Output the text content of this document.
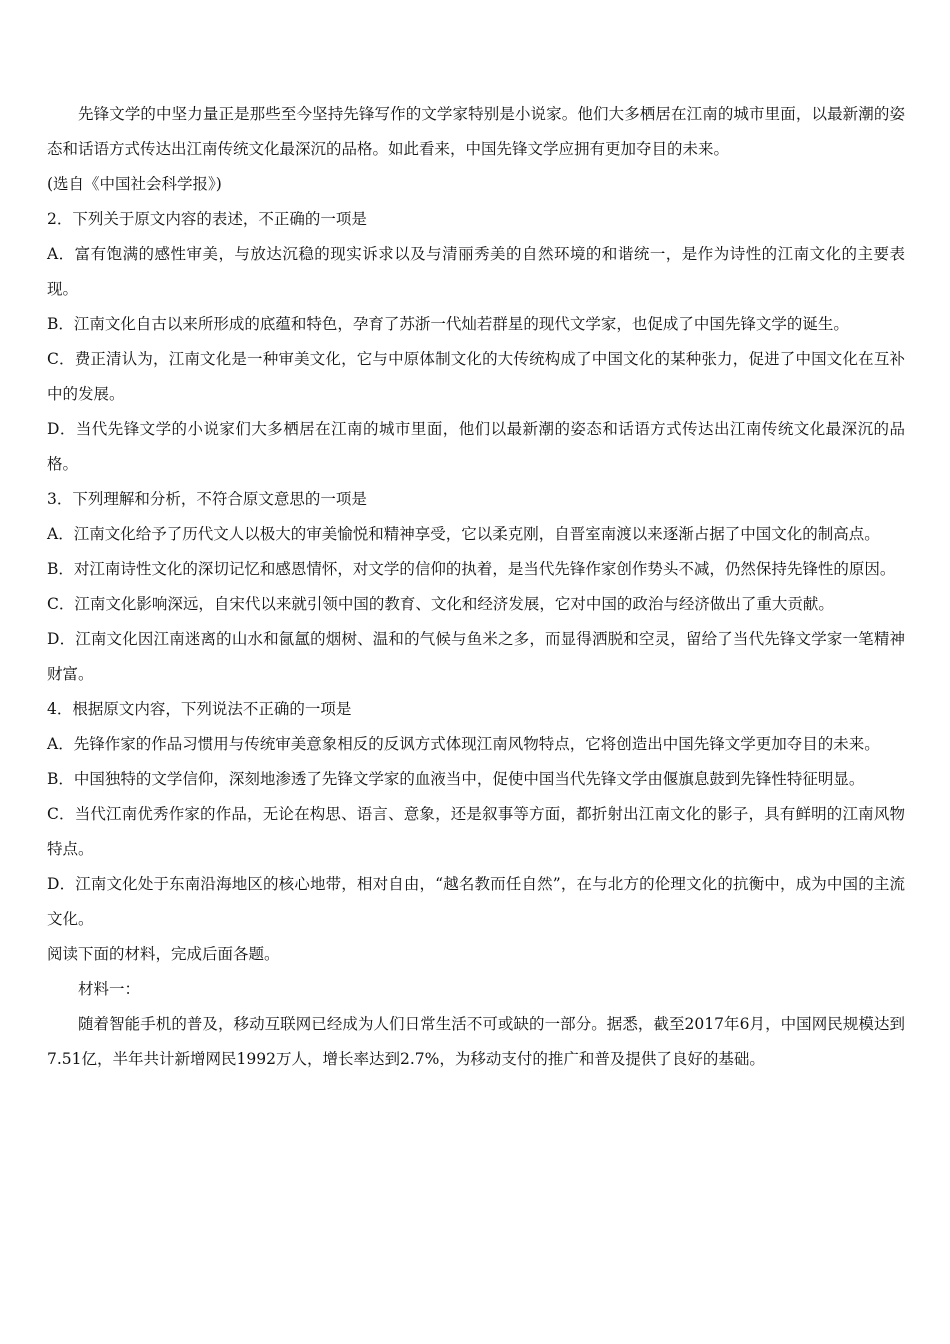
先锋文学的中坚力量正是那些至今坚持先锋写作的文学家特别是小说家。他们大多栖居在江南的城市里面，以最新潮的姿态和话语方式传达出江南传统文化最深沉的品格。如此看来，中国先锋文学应拥有更加夺目的未来。

(选自《中国社会科学报》)

2．下列关于原文内容的表述，不正确的一项是

A．富有饱满的感性审美，与放达沉稳的现实诉求以及与清丽秀美的自然环境的和谐统一，是作为诗性的江南文化的主要表现。

B．江南文化自古以来所形成的底蕴和特色，孕育了苏浙一代灿若群星的现代文学家，也促成了中国先锋文学的诞生。

C．费正清认为，江南文化是一种审美文化，它与中原体制文化的大传统构成了中国文化的某种张力，促进了中国文化在互补中的发展。

D．当代先锋文学的小说家们大多栖居在江南的城市里面，他们以最新潮的姿态和话语方式传达出江南传统文化最深沉的品格。

3．下列理解和分析，不符合原文意思的一项是

A．江南文化给予了历代文人以极大的审美愉悦和精神享受，它以柔克刚，自晋室南渡以来逐渐占据了中国文化的制高点。

B．对江南诗性文化的深切记忆和感恩情怀，对文学的信仰的执着，是当代先锋作家创作势头不减，仍然保持先锋性的原因。

C．江南文化影响深远，自宋代以来就引领中国的教育、文化和经济发展，它对中国的政治与经济做出了重大贡献。

D．江南文化因江南迷离的山水和氤氲的烟树、温和的气候与鱼米之多，而显得洒脱和空灵，留给了当代先锋文学家一笔精神财富。

4．根据原文内容，下列说法不正确的一项是

A．先锋作家的作品习惯用与传统审美意象相反的反讽方式体现江南风物特点，它将创造出中国先锋文学更加夺目的未来。

B．中国独特的文学信仰，深刻地渗透了先锋文学家的血液当中，促使中国当代先锋文学由偃旗息鼓到先锋性特征明显。

C．当代江南优秀作家的作品，无论在构思、语言、意象，还是叙事等方面，都折射出江南文化的影子，具有鲜明的江南风物特点。

D．江南文化处于东南沿海地区的核心地带，相对自由，“越名教而任自然”，在与北方的伦理文化的抗衡中，成为中国的主流文化。

阅读下面的材料，完成后面各题。

材料一：

随着智能手机的普及，移动互联网已经成为人们日常生活不可或缺的一部分。据悉，截至2017年6月，中国网民规模达到7.51亿，半年共计新增网民1992万人，增长率达到2.7%，为移动支付的推广和普及提供了良好的基础。
